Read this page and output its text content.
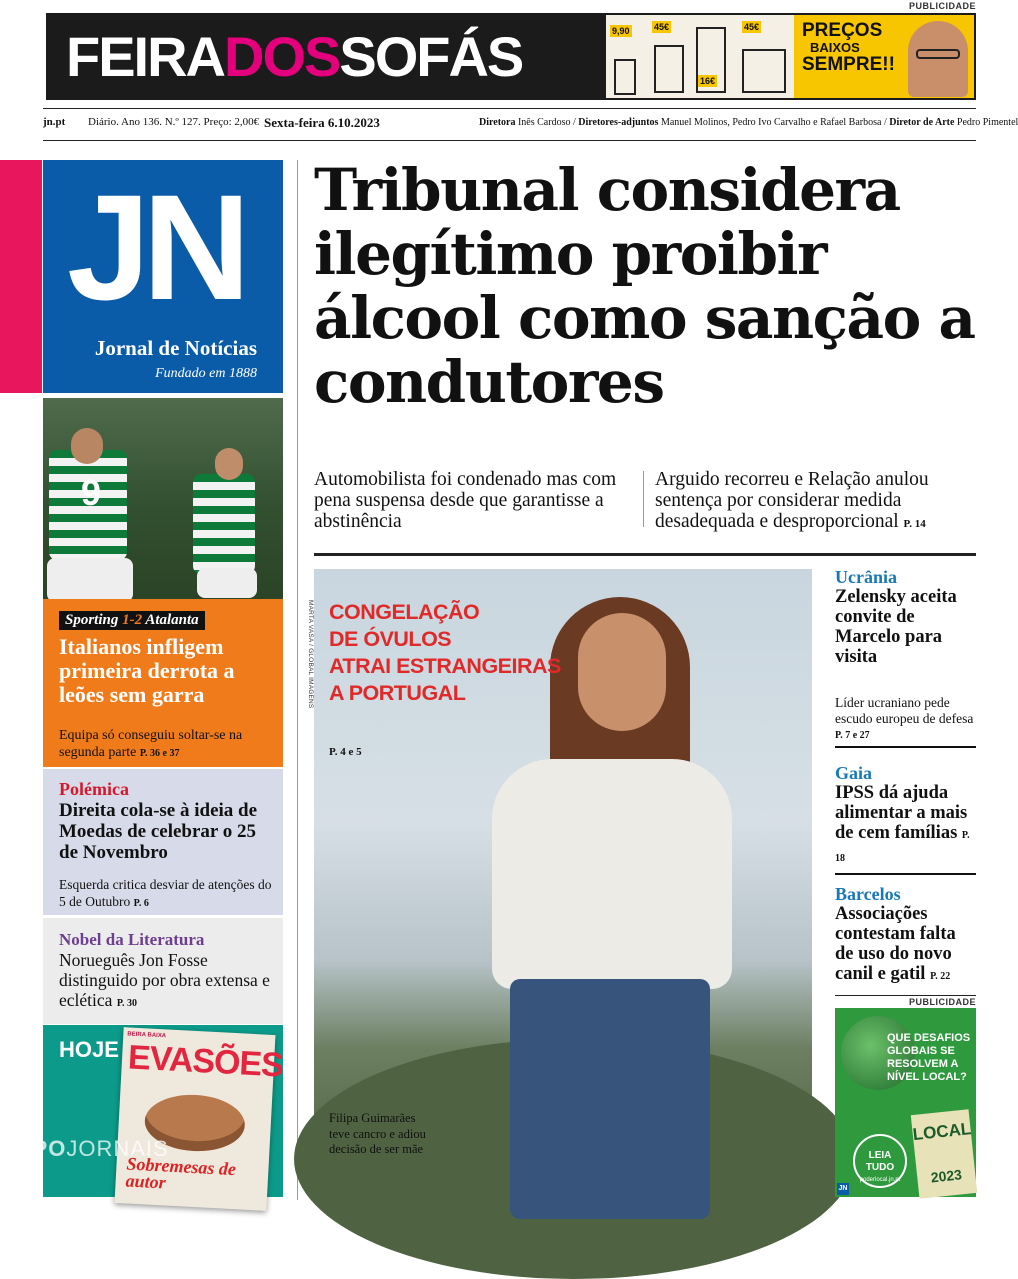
PUBLICIDADE
FEIRADOSSOFÁS	9,90	45€	45€
16€
PREÇOS
BAIXOS
SEMPRE!!
jn.pt Diário. Ano 136. N.º 127. Preço: 2,00€ Sexta-feira 6.10.2023	Diretora Inês Cardoso / Diretores-adjuntos Manuel Molinos, Pedro Ivo Carvalho e Rafael Barbosa / Diretor de Arte Pedro Pimentel
JN
Jornal de Notícias
Fundado em 1888
9
Sporting 1-2 Atalanta
Italianos infligem primeira derrota a leões sem garra
Equipa só conseguiu soltar-se na segunda parte P. 36 e 37
Polémica
Direita cola-se à ideia de Moedas de celebrar o 25 de Novembro
Esquerda critica desviar de atenções do 5 de Outubro P. 6
Nobel da Literatura
Norueguês Jon Fosse distinguido por obra extensa e eclética P. 30
HOJE
BEIRA BAIXA
EVASÕES
Sobremesas de autor
SAPOJORNAIS
Tribunal considera ilegítimo proibir álcool como sanção a condutores
Automobilista foi condenado mas com pena suspensa desde que garantisse a abstinência
Arguido recorreu e Relação anulou sentença por considerar medida desadequada e desproporcional P. 14
MARTA VASA / GLOBAL IMAGENS CONGELAÇÃO
DE ÓVULOS
ATRAI ESTRANGEIRAS
A PORTUGAL
P. 4 e 5
Filipa Guimarães teve cancro e adiou decisão de ser mãe
Ucrânia
Zelensky aceita convite de Marcelo para visita
Líder ucraniano pede escudo europeu de defesa P. 7 e 27
Gaia
IPSS dá ajuda alimentar a mais de cem famílias P. 18
Barcelos
Associações contestam falta de uso do novo canil e gatil P. 22
PUBLICIDADE
QUE DESAFIOS GLOBAIS SE RESOLVEM A NÍVEL LOCAL?
LEIA TUDO
poderlocal.jn.pt
LOCAL
2023
JN
